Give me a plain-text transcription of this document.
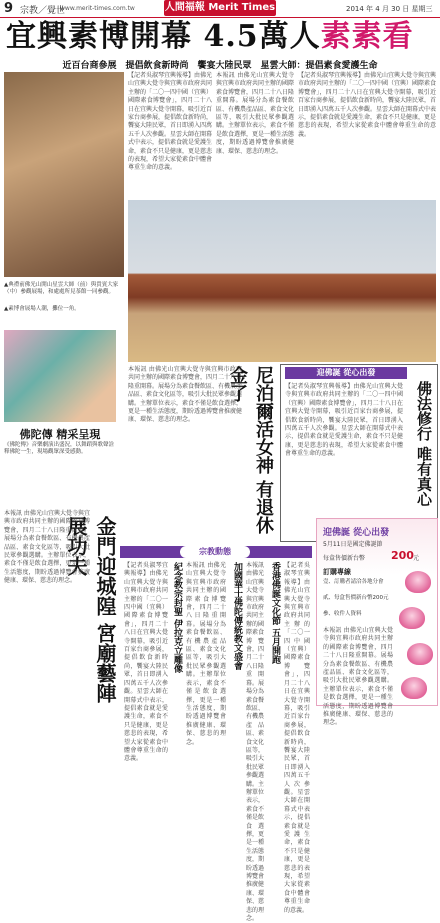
9 宗教／覺世
www.merit-times.com.tw	人間福報 Merit Times	2014 年 4 月 30 日 星期三
宜興素博開幕 4.5萬人素素看
近百台商參展　提倡飲食新時尚　饗宴大陸民眾　星雲大師：提倡素食愛護生命
▲典禮前佛光山開山星雲大師（前）與貴賓大家（中）參觀展場，和處處所見茶館一同參觀。
▲素博會展場人潮，攤位一角。
【記者吳淑琴宜興報導】由佛光山宜興大覺寺與宜興市政府共同主辦的「二〇一四中國（宜興）國際素食博覽會」，四月二十八日在宜興大覺寺開幕，吸引近百家台商參展，提倡飲食新時尚，饗宴大陸民眾，首日即湧入四萬五千人次參觀。星雲大師在開幕式中表示，提倡素食就是愛護生命，素食不只是健康，更是慈悲的表現，希望大家從素食中體會尊重生命的意義。
本報訊 由佛光山宜興大覺寺與宜興市政府共同主辦的國際素食博覽會，四月二十八日隆重開幕。展場分為素食餐飲區、有機農產品區、素食文化區等，吸引大批民眾參觀選購。主辦單位表示，素食不僅是飲食選擇，更是一種生活態度，期盼透過博覽會推廣健康、環保、慈悲的理念。
【記者吳淑琴宜興報導】由佛光山宜興大覺寺與宜興市政府共同主辦的「二〇一四中國（宜興）國際素食博覽會」，四月二十八日在宜興大覺寺開幕，吸引近百家台商參展，提倡飲食新時尚，饗宴大陸民眾，首日即湧入四萬五千人次參觀。星雲大師在開幕式中表示，提倡素食就是愛護生命，素食不只是健康，更是慈悲的表現，希望大家從素食中體會尊重生命的意義。
佛陀傳 精采呈現
《佛陀傳》音樂劇演出盛況，以舞蹈與歌聲詮釋佛陀一生，現場觀眾深受感動。
金門迎城隍 宮廟藝陣展功夫
本報訊 由佛光山宜興大覺寺與宜興市政府共同主辦的國際素食博覽會，四月二十八日隆重開幕。展場分為素食餐飲區、有機農產品區、素食文化區等，吸引大批民眾參觀選購。主辦單位表示，素食不僅是飲食選擇，更是一種生活態度，期盼透過博覽會推廣健康、環保、慈悲的理念。
本報訊 由佛光山宜興大覺寺與宜興市政府共同主辦的國際素食博覽會，四月二十八日隆重開幕。展場分為素食餐飲區、有機農產品區、素食文化區等，吸引大批民眾參觀選購。主辦單位表示，素食不僅是飲食選擇，更是一種生活態度，期盼透過博覽會推廣健康、環保、慈悲的理念。	尼泊爾活女神 有退休金了	迎佛誕 從心出發
【記者吳淑琴宜興報導】由佛光山宜興大覺寺與宜興市政府共同主辦的「二〇一四中國（宜興）國際素食博覽會」，四月二十八日在宜興大覺寺開幕，吸引近百家台商參展，提倡飲食新時尚，饗宴大陸民眾，首日即湧入四萬五千人次參觀。星雲大師在開幕式中表示，提倡素食就是愛護生命，素食不只是健康，更是慈悲的表現，希望大家從素食中體會尊重生命的意義。	佛法修行 唯有真心
宗教動態
紀念教宗封聖 伊拉克立雕像 本報訊 由佛光山宜興大覺寺與宜興市政府共同主辦的國際素食博覽會，四月二十八日隆重開幕。展場分為素食餐飲區、有機農產品區、素食文化區等，吸引大批民眾參觀選購。主辦單位表示，素食不僅是飲食選擇，更是一種生活態度，期盼透過博覽會推廣健康、環保、慈悲的理念。
【記者吳淑琴宜興報導】由佛光山宜興大覺寺與宜興市政府共同主辦的「二〇一四中國（宜興）國際素食博覽會」，四月二十八日在宜興大覺寺開幕，吸引近百家台商參展，提倡飲食新時尚，饗宴大陸民眾，首日即湧入四萬五千人次參觀。星雲大師在開幕式中表示，提倡素食就是愛護生命，素食不只是健康，更是慈悲的表現，希望大家從素食中體會尊重生命的意義。
加國華士佛陀傳統教文盛會 本報訊 由佛光山宜興大覺寺與宜興市政府共同主辦的國際素食博覽會，四月二十八日隆重開幕。展場分為素食餐飲區、有機農產品區、素食文化區等，吸引大批民眾參觀選購。主辦單位表示，素食不僅是飲食選擇，更是一種生活態度，期盼透過博覽會推廣健康、環保、慈悲的理念。
香港佛誕文化節 五月開跑 【記者吳淑琴宜興報導】由佛光山宜興大覺寺與宜興市政府共同主辦的「二〇一四中國（宜興）國際素食博覽會」，四月二十八日在宜興大覺寺開幕，吸引近百家台商參展，提倡飲食新時尚，饗宴大陸民眾，首日即湧入四萬五千人次參觀。星雲大師在開幕式中表示，提倡素食就是愛護生命，素食不只是健康，更是慈悲的表現，希望大家從素食中體會尊重生命的意義。
迎佛誕 從心出發
5月11日是國定佛誕節
每盒售價新台幣 200 元
訂購專線
壹、訂購者請洽各地分會
貳、每盒售價新台幣200元
參、收件人資料
本報訊 由佛光山宜興大覺寺與宜興市政府共同主辦的國際素食博覽會，四月二十八日隆重開幕。展場分為素食餐飲區、有機農產品區、素食文化區等，吸引大批民眾參觀選購。主辦單位表示，素食不僅是飲食選擇，更是一種生活態度，期盼透過博覽會推廣健康、環保、慈悲的理念。
